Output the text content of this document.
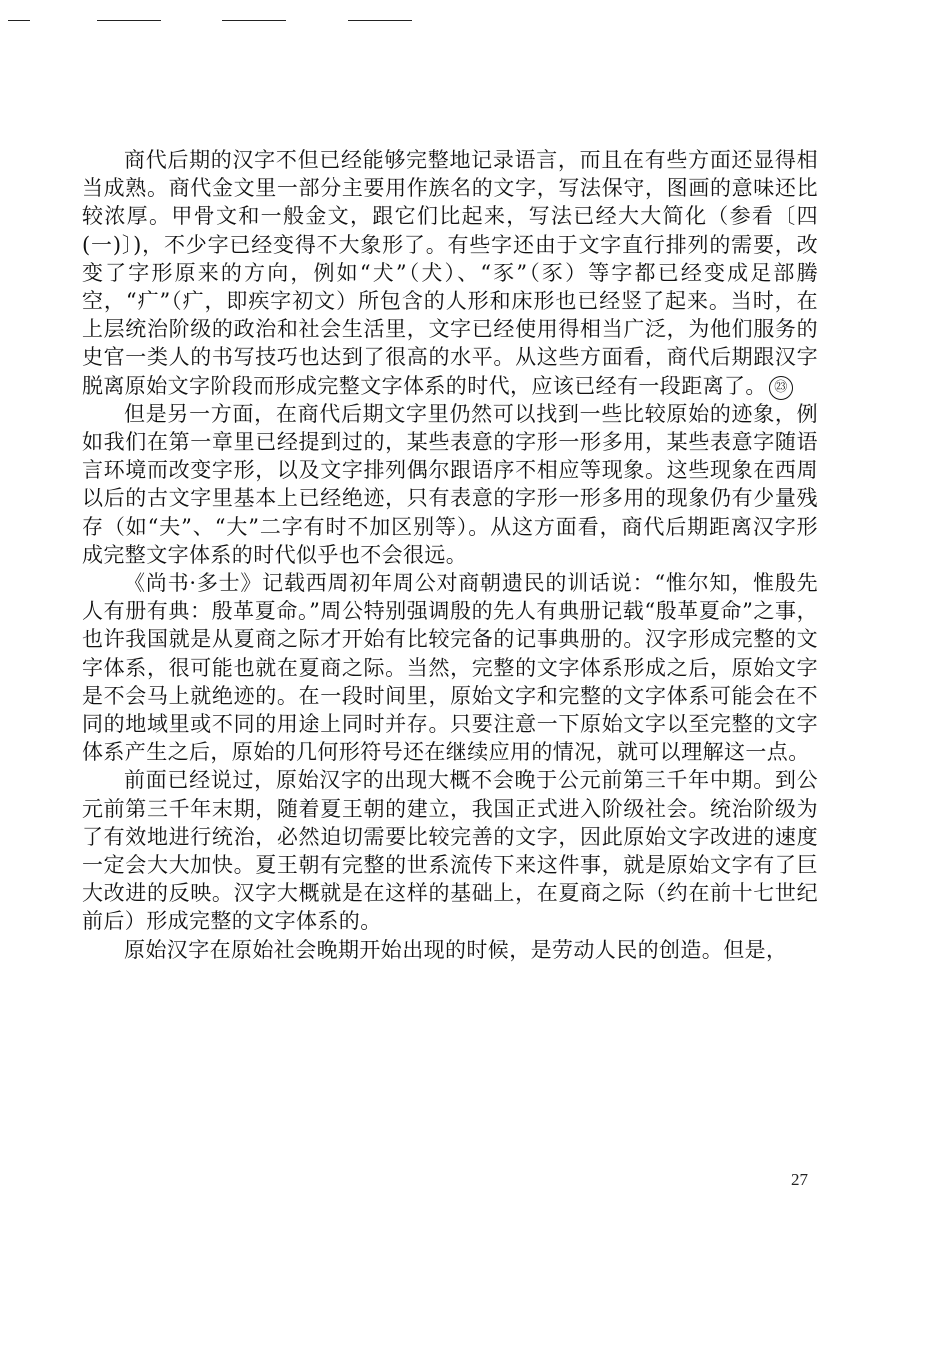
商代后期的汉字不但已经能够完整地记录语言，而且在有些方面还显得相当成熟。商代金文里一部分主要用作族名的文字，写法保守，图画的意味还比较浓厚。甲骨文和一般金文，跟它们比起来，写法已经大大简化（参看〔四(一)〕)，不少字已经变得不大象形了。有些字还由于文字直行排列的需要，改变了字形原来的方向，例如“犬”（犬）、“豕”（豕）等字都已经变成足部腾空，“疒”（疒，即疾字初文）所包含的人形和床形也已经竖了起来。当时，在上层统治阶级的政治和社会生活里，文字已经使用得相当广泛，为他们服务的史官一类人的书写技巧也达到了很高的水平。从这些方面看，商代后期跟汉字脱离原始文字阶段而形成完整文字体系的时代，应该已经有一段距离了。 ㉓

但是另一方面，在商代后期文字里仍然可以找到一些比较原始的迹象，例如我们在第一章里已经提到过的，某些表意的字形一形多用，某些表意字随语言环境而改变字形，以及文字排列偶尔跟语序不相应等现象。这些现象在西周以后的古文字里基本上已经绝迹，只有表意的字形一形多用的现象仍有少量残存（如“夫”、“大”二字有时不加区别等）。从这方面看，商代后期距离汉字形成完整文字体系的时代似乎也不会很远。

《尚书·多士》记载西周初年周公对商朝遗民的训话说：“惟尔知，惟殷先人有册有典：殷革夏命。”周公特别强调殷的先人有典册记载“殷革夏命”之事，也许我国就是从夏商之际才开始有比较完备的记事典册的。汉字形成完整的文字体系，很可能也就在夏商之际。当然，完整的文字体系形成之后，原始文字是不会马上就绝迹的。在一段时间里，原始文字和完整的文字体系可能会在不同的地域里或不同的用途上同时并存。只要注意一下原始文字以至完整的文字体系产生之后，原始的几何形符号还在继续应用的情况，就可以理解这一点。

前面已经说过，原始汉字的出现大概不会晚于公元前第三千年中期。到公元前第三千年末期，随着夏王朝的建立，我国正式进入阶级社会。统治阶级为了有效地进行统治，必然迫切需要比较完善的文字，因此原始文字改进的速度一定会大大加快。夏王朝有完整的世系流传下来这件事，就是原始文字有了巨大改进的反映。汉字大概就是在这样的基础上，在夏商之际（约在前十七世纪前后）形成完整的文字体系的。

原始汉字在原始社会晚期开始出现的时候，是劳动人民的创造。但是，

27
